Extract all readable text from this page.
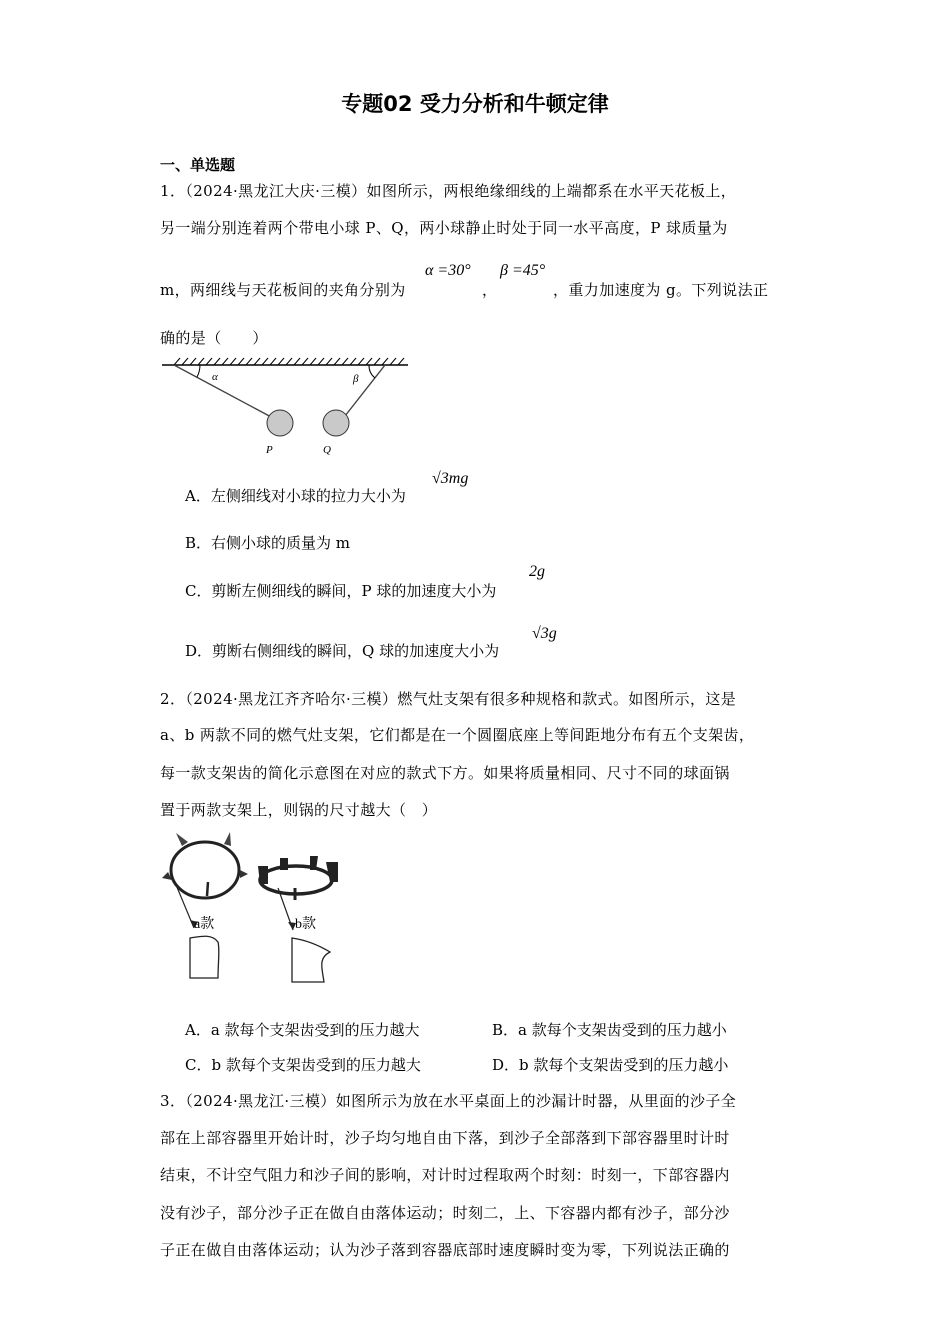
专题02 受力分析和牛顿定律
一、单选题
1．（2024·黑龙江大庆·三模）如图所示，两根绝缘细线的上端都系在水平天花板上，
另一端分别连着两个带电小球 P、Q，两小球静止时处于同一水平高度，P 球质量为
m，两细线与天花板间的夹角分别为
α =30°
，
β =45°
，重力加速度为 g。下列说法正
确的是（　　）
α	β
P	Q
A．左侧细线对小球的拉力大小为
√3mg
B．右侧小球的质量为 m
C．剪断左侧细线的瞬间，P 球的加速度大小为
2g
D．剪断右侧细线的瞬间，Q 球的加速度大小为
√3g
2．（2024·黑龙江齐齐哈尔·三模）燃气灶支架有很多种规格和款式。如图所示，这是
a、b 两款不同的燃气灶支架，它们都是在一个圆圈底座上等间距地分布有五个支架齿，
每一款支架齿的简化示意图在对应的款式下方。如果将质量相同、尺寸不同的球面锅
置于两款支架上，则锅的尺寸越大（　）
a款	b款
A．a 款每个支架齿受到的压力越大	B．a 款每个支架齿受到的压力越小
C．b 款每个支架齿受到的压力越大	D．b 款每个支架齿受到的压力越小
3．（2024·黑龙江·三模）如图所示为放在水平桌面上的沙漏计时器，从里面的沙子全
部在上部容器里开始计时，沙子均匀地自由下落，到沙子全部落到下部容器里时计时
结束，不计空气阻力和沙子间的影响，对计时过程取两个时刻：时刻一，下部容器内
没有沙子，部分沙子正在做自由落体运动；时刻二，上、下容器内都有沙子，部分沙
子正在做自由落体运动；认为沙子落到容器底部时速度瞬时变为零，下列说法正确的
